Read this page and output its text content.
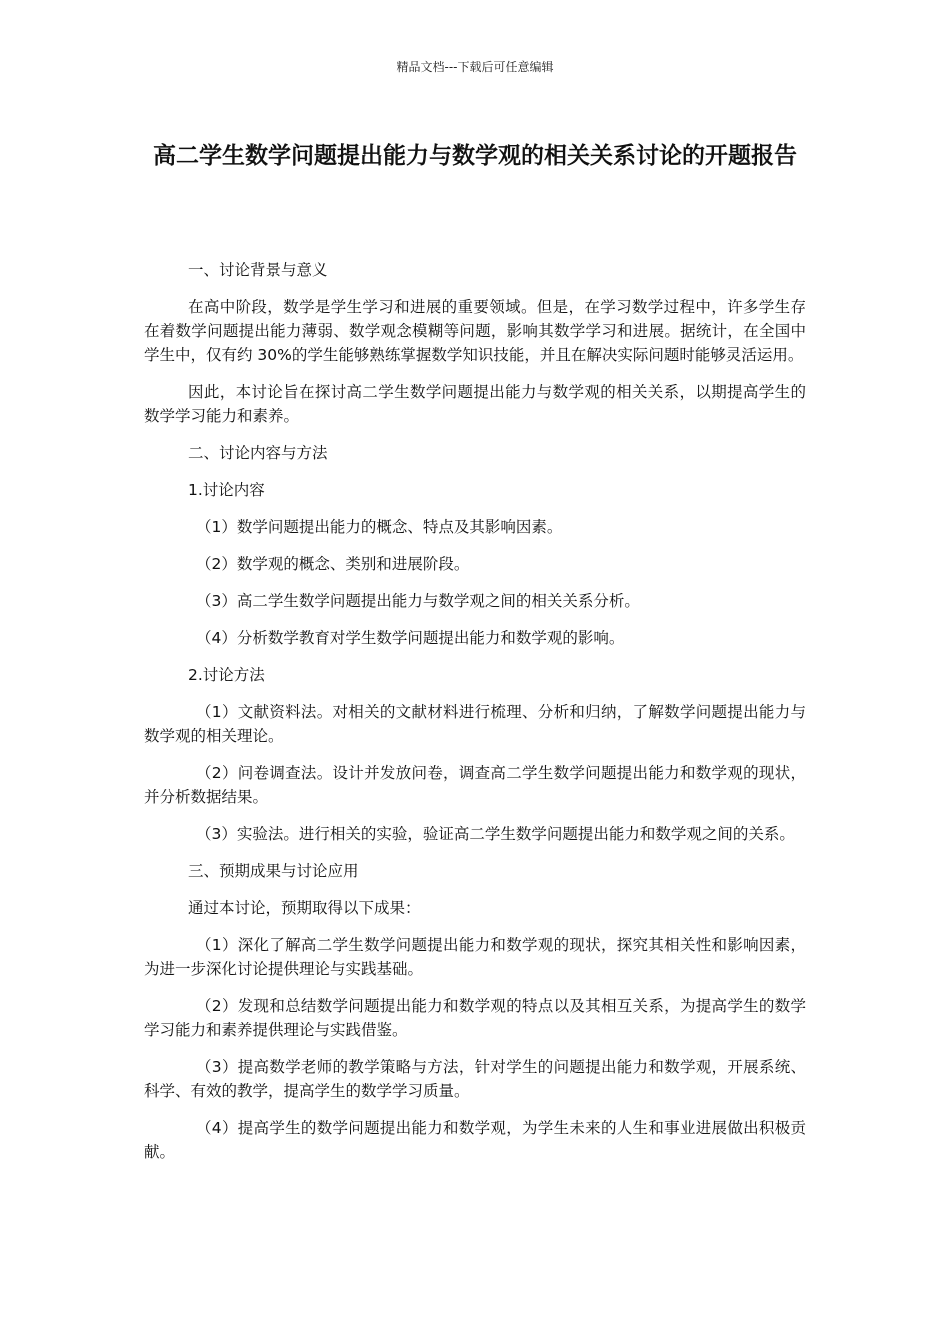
精品文档---下载后可任意编辑
高二学生数学问题提出能力与数学观的相关关系讨论的开题报告

一、讨论背景与意义

在高中阶段，数学是学生学习和进展的重要领域。但是，在学习数学过程中，许多学生存在着数学问题提出能力薄弱、数学观念模糊等问题，影响其数学学习和进展。据统计，在全国中学生中，仅有约 30%的学生能够熟练掌握数学知识技能，并且在解决实际问题时能够灵活运用。

因此，本讨论旨在探讨高二学生数学问题提出能力与数学观的相关关系，以期提高学生的数学学习能力和素养。

二、讨论内容与方法

1.讨论内容

（1）数学问题提出能力的概念、特点及其影响因素。

（2）数学观的概念、类别和进展阶段。

（3）高二学生数学问题提出能力与数学观之间的相关关系分析。

（4）分析数学教育对学生数学问题提出能力和数学观的影响。

2.讨论方法

（1）文献资料法。对相关的文献材料进行梳理、分析和归纳，了解数学问题提出能力与数学观的相关理论。

（2）问卷调查法。设计并发放问卷，调查高二学生数学问题提出能力和数学观的现状，并分析数据结果。

（3）实验法。进行相关的实验，验证高二学生数学问题提出能力和数学观之间的关系。

三、预期成果与讨论应用

通过本讨论，预期取得以下成果：

（1）深化了解高二学生数学问题提出能力和数学观的现状，探究其相关性和影响因素，为进一步深化讨论提供理论与实践基础。

（2）发现和总结数学问题提出能力和数学观的特点以及其相互关系，为提高学生的数学学习能力和素养提供理论与实践借鉴。

（3）提高数学老师的教学策略与方法，针对学生的问题提出能力和数学观，开展系统、科学、有效的教学，提高学生的数学学习质量。

（4）提高学生的数学问题提出能力和数学观，为学生未来的人生和事业进展做出积极贡献。
